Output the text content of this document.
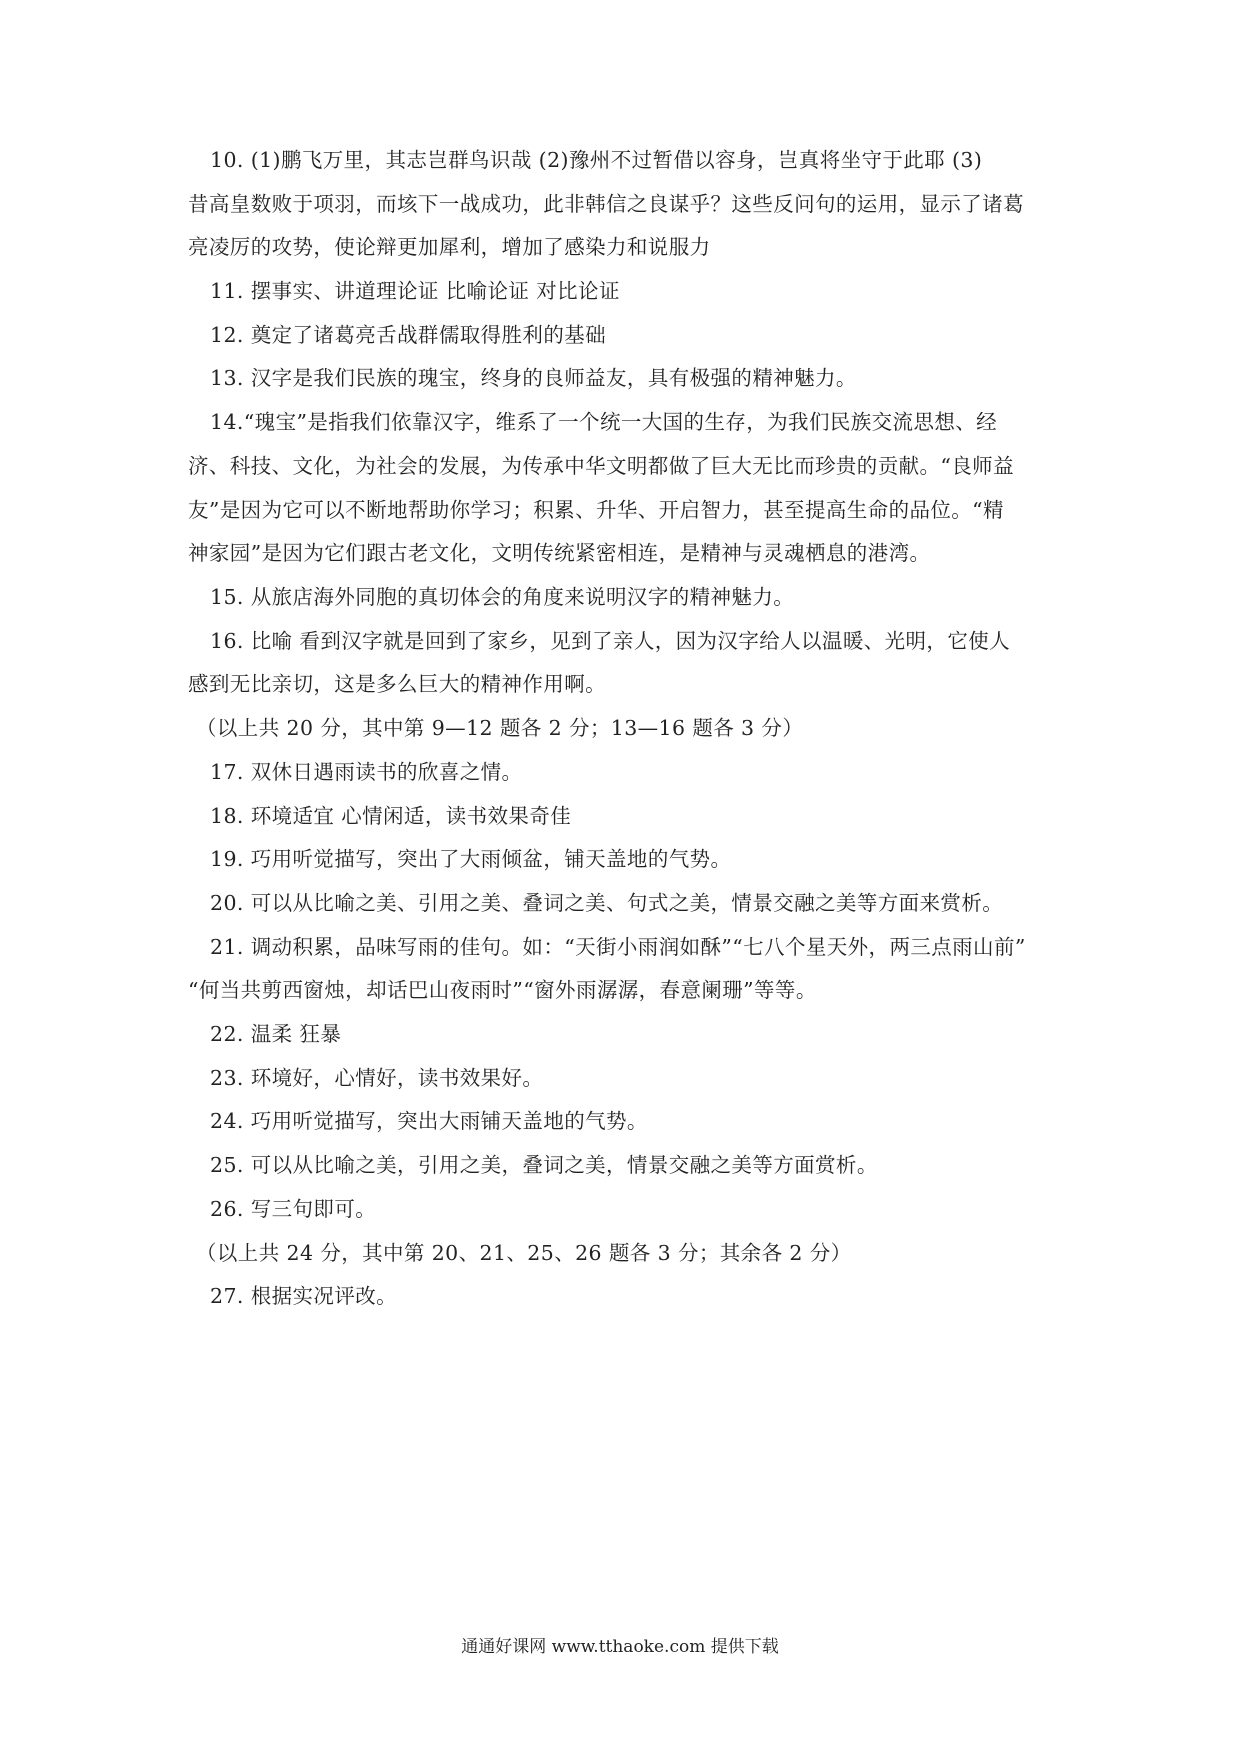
10. (1)鹏飞万里，其志岂群鸟识哉 (2)豫州不过暂借以容身，岂真将坐守于此耶 (3)
昔高皇数败于项羽，而垓下一战成功，此非韩信之良谋乎？这些反问句的运用，显示了诸葛
亮凌厉的攻势，使论辩更加犀利，增加了感染力和说服力
11. 摆事实、讲道理论证 比喻论证 对比论证
12. 奠定了诸葛亮舌战群儒取得胜利的基础
13. 汉字是我们民族的瑰宝，终身的良师益友，具有极强的精神魅力。
14.“瑰宝”是指我们依靠汉字，维系了一个统一大国的生存，为我们民族交流思想、经
济、科技、文化，为社会的发展，为传承中华文明都做了巨大无比而珍贵的贡献。“良师益
友”是因为它可以不断地帮助你学习；积累、升华、开启智力，甚至提高生命的品位。“精
神家园”是因为它们跟古老文化，文明传统紧密相连，是精神与灵魂栖息的港湾。
15. 从旅店海外同胞的真切体会的角度来说明汉字的精神魅力。
16. 比喻 看到汉字就是回到了家乡，见到了亲人，因为汉字给人以温暖、光明，它使人
感到无比亲切，这是多么巨大的精神作用啊。
（以上共 20 分，其中第 9—12 题各 2 分；13—16 题各 3 分）
17. 双休日遇雨读书的欣喜之情。
18. 环境适宜 心情闲适，读书效果奇佳
19. 巧用听觉描写，突出了大雨倾盆，铺天盖地的气势。
20. 可以从比喻之美、引用之美、叠词之美、句式之美，情景交融之美等方面来赏析。
21. 调动积累，品味写雨的佳句。如：“天街小雨润如酥”“七八个星天外，两三点雨山前”
“何当共剪西窗烛，却话巴山夜雨时”“窗外雨潺潺，春意阑珊”等等。
22. 温柔 狂暴
23. 环境好，心情好，读书效果好。
24. 巧用听觉描写，突出大雨铺天盖地的气势。
25. 可以从比喻之美，引用之美，叠词之美，情景交融之美等方面赏析。
26. 写三句即可。
（以上共 24 分，其中第 20、21、25、26 题各 3 分；其余各 2 分）
27. 根据实况评改。
通通好课网 www.tthaoke.com 提供下载
